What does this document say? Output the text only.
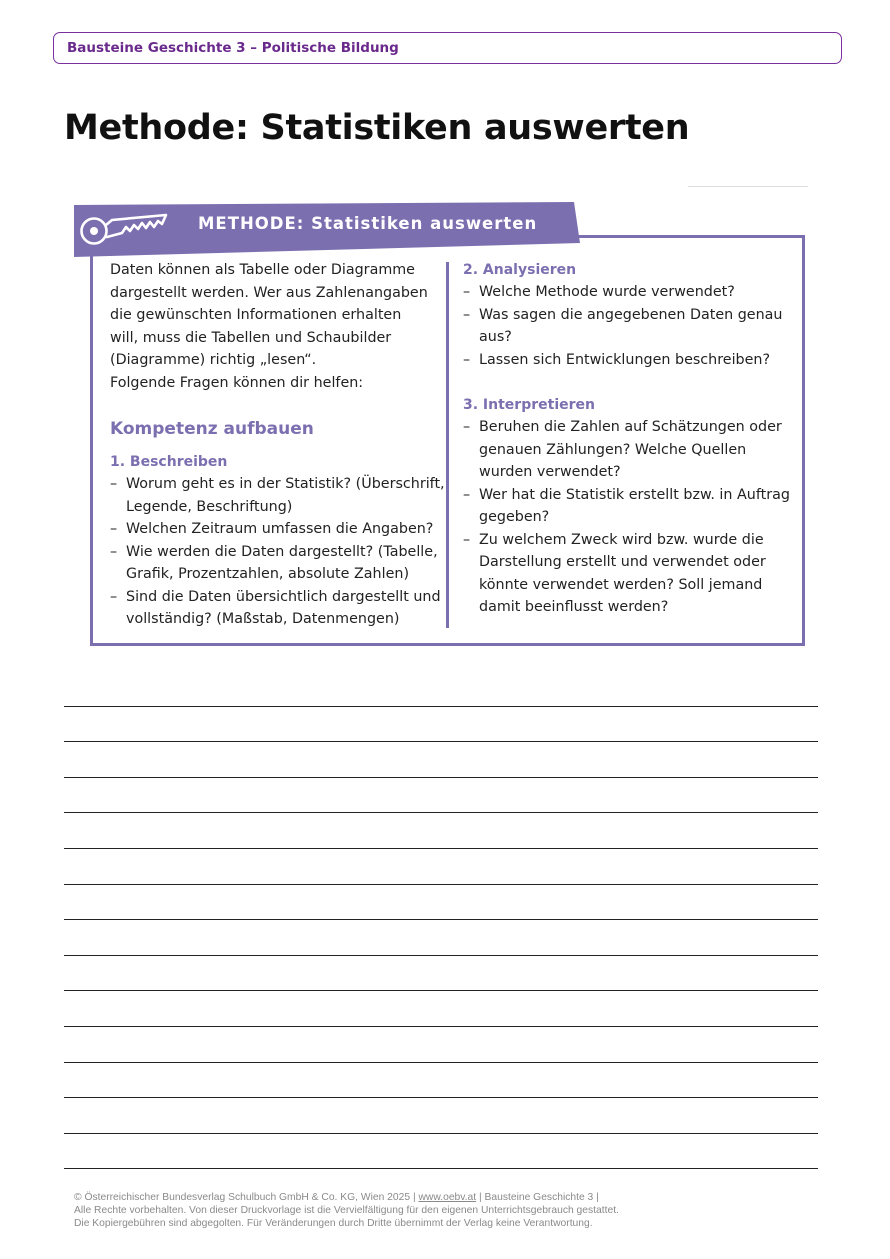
Bausteine Geschichte 3 – Politische Bildung
Methode: Statistiken auswerten
METHODE: Statistiken auswerten
Daten können als Tabelle oder Diagramme
dargestellt werden. Wer aus Zahlenangaben
die gewünschten Informationen erhalten
will, muss die Tabellen und Schaubilder
(Diagramme) richtig „lesen“.
Folgende Fragen können dir helfen:
Kompetenz aufbauen
1. Beschreiben
– Worum geht es in der Statistik? (Überschrift,
Legende, Beschriftung)
– Welchen Zeitraum umfassen die Angaben?
– Wie werden die Daten dargestellt? (Tabelle,
Grafik, Prozentzahlen, absolute Zahlen)
– Sind die Daten übersichtlich dargestellt und
vollständig? (Maßstab, Datenmengen)
2. Analysieren
– Welche Methode wurde verwendet?
– Was sagen die angegebenen Daten genau
aus?
– Lassen sich Entwicklungen beschreiben?
3. Interpretieren
– Beruhen die Zahlen auf Schätzungen oder
genauen Zählungen? Welche Quellen
wurden verwendet?
– Wer hat die Statistik erstellt bzw. in Auftrag
gegeben?
– Zu welchem Zweck wird bzw. wurde die
Darstellung erstellt und verwendet oder
könnte verwendet werden? Soll jemand
damit beeinflusst werden?
© Österreichischer Bundesverlag Schulbuch GmbH & Co. KG, Wien 2025 | www.oebv.at | Bausteine Geschichte 3 |
Alle Rechte vorbehalten. Von dieser Druckvorlage ist die Vervielfältigung für den eigenen Unterrichtsgebrauch gestattet.
Die Kopiergebühren sind abgegolten. Für Veränderungen durch Dritte übernimmt der Verlag keine Verantwortung.
